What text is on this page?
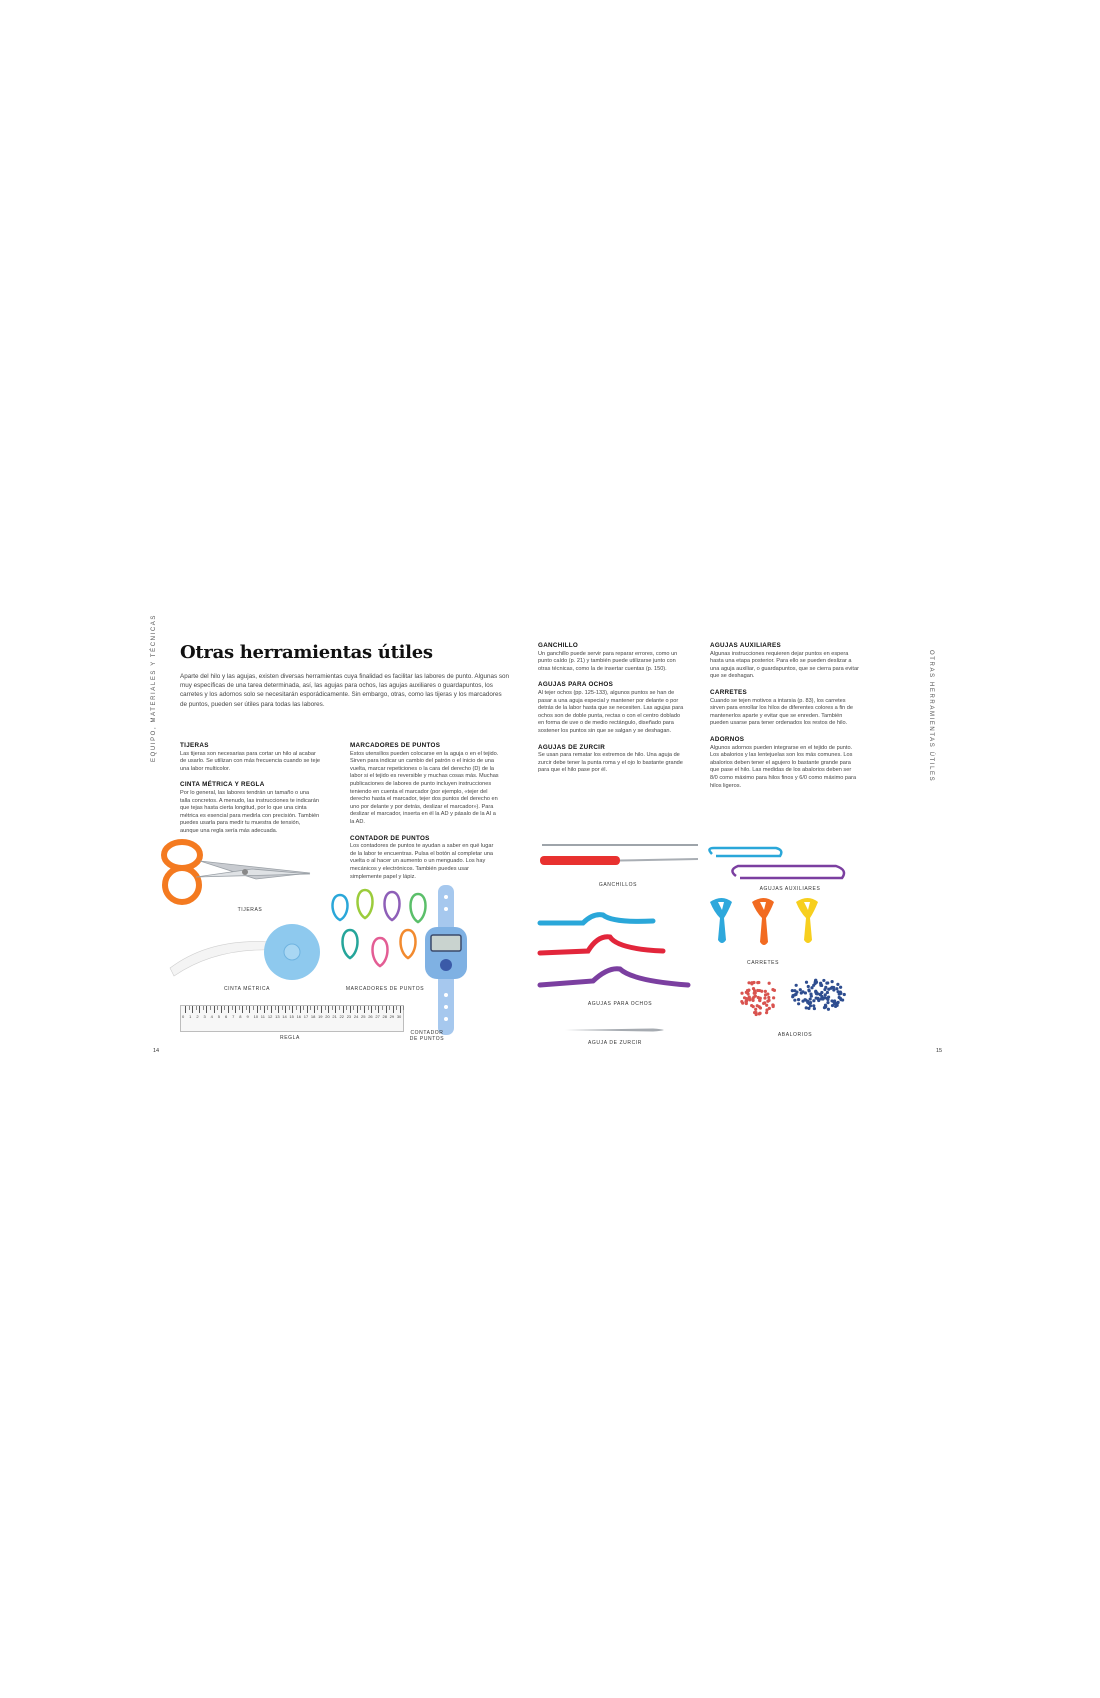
EQUIPO, MATERIALES Y TÉCNICAS Otras herramientas útiles
Aparte del hilo y las agujas, existen diversas herramientas cuya finalidad es facilitar las labores de punto. Algunas son muy específicas de una tarea determinada, así, las agujas para ochos, las agujas auxiliares o guardapuntos, los carretes y los adornos solo se necesitarán esporádicamente. Sin embargo, otras, como las tijeras y los marcadores de puntos, pueden ser útiles para todas las labores.
TIJERAS

Las tijeras son necesarias para cortar un hilo al acabar de usarlo. Se utilizan con más frecuencia cuando se teje una labor multicolor.

CINTA MÉTRICA Y REGLA

Por lo general, las labores tendrán un tamaño o una talla concretos. A menudo, las instrucciones te indicarán que tejas hasta cierta longitud, por lo que una cinta métrica es esencial para medirla con precisión. También puedes usarla para medir tu muestra de tensión, aunque una regla sería más adecuada.

MARCADORES DE PUNTOS

Estos utensilios pueden colocarse en la aguja o en el tejido. Sirven para indicar un cambio del patrón o el inicio de una vuelta, marcar repeticiones o la cara del derecho (D) de la labor si el tejido es reversible y muchas cosas más. Muchas publicaciones de labores de punto incluyen instrucciones teniendo en cuenta el marcador (por ejemplo, «tejer del derecho hasta el marcador, tejer dos puntos del derecho en uno por delante y por detrás, deslizar el marcador»). Para deslizar el marcador, inserta en él la AD y pásalo de la AI a la AD.

CONTADOR DE PUNTOS

Los contadores de puntos te ayudan a saber en qué lugar de la labor te encuentras. Pulsa el botón al completar una vuelta o al hacer un aumento o un menguado. Los hay mecánicos y electrónicos. También puedes usar simplemente papel y lápiz.

TIJERAS
CINTA MÉTRICA	MARCADORES DE PUNTOS
0 1 2 3 4 5 6 7 8 9 10 11 12 13 14 15 16 17 18 19 20 21 22 23 24 25 26 27 28 29 30
REGLA
CONTADOR
DE PUNTOS
14
OTRAS HERRAMIENTAS ÚTILES
GANCHILLO

Un ganchillo puede servir para reparar errores, como un punto caído (p. 21) y también puede utilizarse junto con otras técnicas, como la de insertar cuentas (p. 150).

AGUJAS PARA OCHOS

Al tejer ochos (pp. 125-133), algunos puntos se han de pasar a una aguja especial y mantener por delante o por detrás de la labor hasta que se necesiten. Las agujas para ochos son de doble punta, rectas o con el centro doblado en forma de uve o de medio rectángulo, diseñado para sostener los puntos sin que se salgan y se deshagan.

AGUJAS DE ZURCIR

Se usan para rematar los extremos de hilo. Una aguja de zurcir debe tener la punta roma y el ojo lo bastante grande para que el hilo pase por él.

AGUJAS AUXILIARES

Algunas instrucciones requieren dejar puntos en espera hasta una etapa posterior. Para ello se pueden deslizar a una aguja auxiliar, o guardapuntos, que se cierra para evitar que se deshagan.

CARRETES

Cuando se tejen motivos a intarsia (p. 83), los carretes sirven para enrollar los hilos de diferentes colores a fin de mantenerlos aparte y evitar que se enreden. También pueden usarse para tener ordenados los restos de hilo.

ADORNOS

Algunos adornos pueden integrarse en el tejido de punto. Los abalorios y las lentejuelas son los más comunes. Los abalorios deben tener el agujero lo bastante grande para que pase el hilo. Las medidas de los abalorios deben ser 8/0 como máximo para hilos finos y 6/0 como máximo para hilos ligeros.

GANCHILLOS
AGUJAS PARA OCHOS
AGUJA DE ZURCIR
AGUJAS AUXILIARES
CARRETES
ABALORIOS
15
